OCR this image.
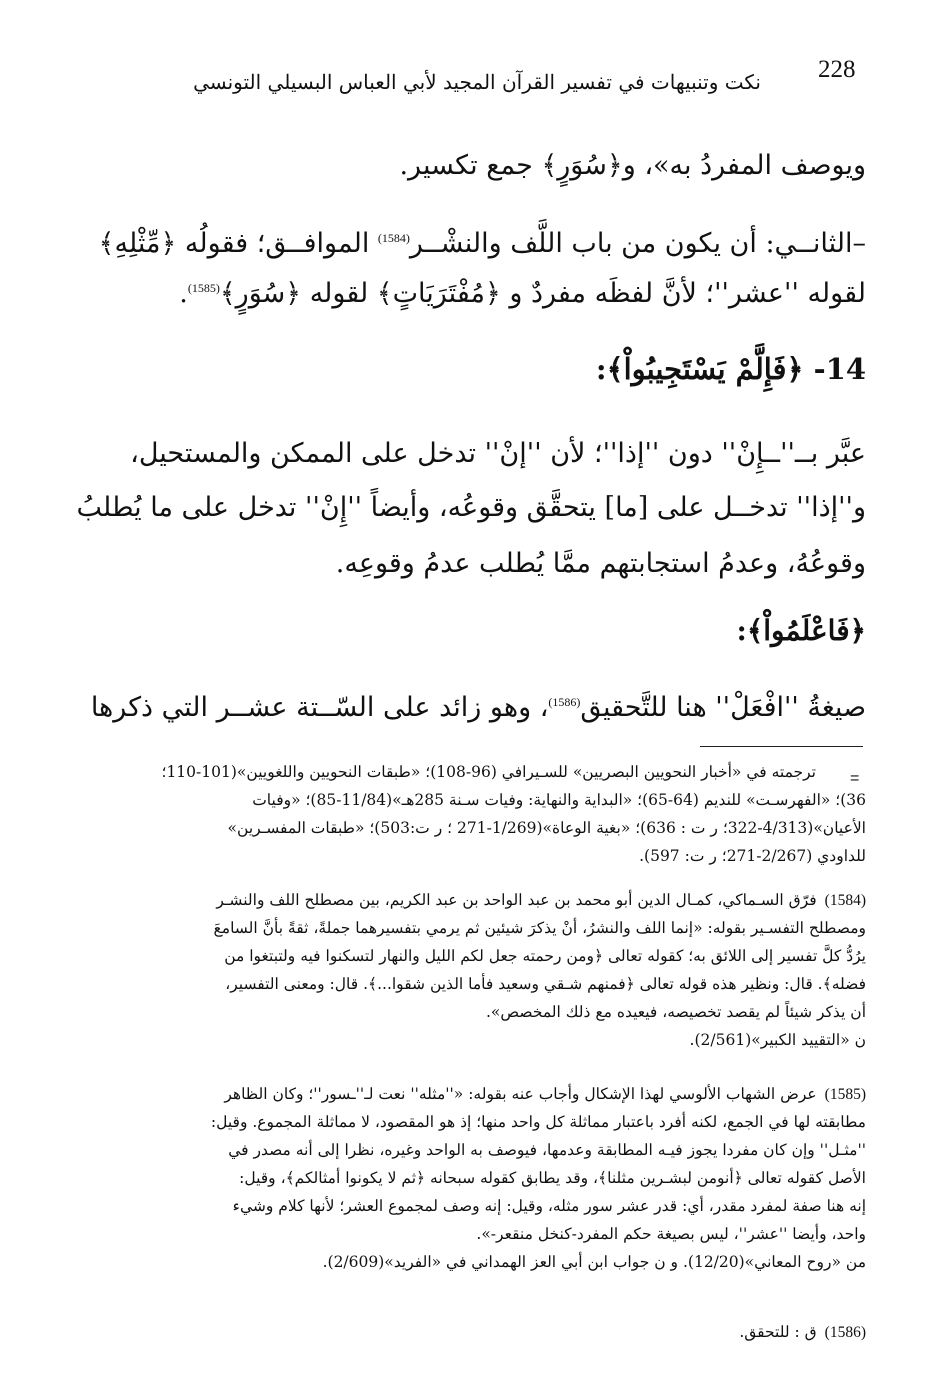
228
نكت وتنبيهات في تفسير القرآن المجيد لأبي العباس البسيلي التونسي
ويوصف المفردُ به»، و﴿سُوَرٍ﴾ جمع تكسير.
–الثانــي: أن يكون من باب اللَّف والنشْــر$^{(1584)}$ الموافــق؛ فقولُه ﴿مِّثْلِهِ﴾
لقوله ''عشر''؛ لأنَّ لفظَه مفردٌ و ﴿مُفْتَرَيَاتٍ﴾ لقوله ﴿سُوَرٍ﴾$^{(1585)}$.
14- ﴿فَإِلَّمْ يَسْتَجِيبُواْ﴾:
عبَّر بــ''ــإِنْ'' دون ''إذا''؛ لأن ''إنْ'' تدخل على الممكن والمستحيل،
و''إذا'' تدخــل على [ما] يتحقَّق وقوعُه، وأيضاً ''إِنْ'' تدخل على ما يُطلبُ
وقوعُهُ، وعدمُ استجابتهم ممَّا يُطلب عدمُ وقوعِه.
﴿فَاعْلَمُواْ﴾:
صيغةُ ''افْعَلْ'' هنا للتَّحقيق$^{(1586)}$، وهو زائد على السّــتة عشــر التي ذكرها
=
ترجمته في «أخبار النحويين البصريين» للسـيرافي (96-108)؛ «طبقات النحويين واللغويين»(101-110؛
36)؛ «الفهرسـت» للنديم (64-65)؛ «البداية والنهاية: وفيات سـنة 285هـ»(11/84-85)؛ «وفيات
الأعيان»(4/313-322؛ ر ت : 636)؛ «بغية الوعاة»(1/269-271 ؛ ر ت:503)؛ «طبقات المفسـرين»
للداودي (2/267-271؛ ر ت: 597).
(1584)فرّق السـماكي، كمـال الدين أبو محمد بن عبد الواحد بن عبد الكريم، بين مصطلح اللف والنشـر
ومصطلح التفسـير بقوله: «إنما اللف والنشرُ، أنْ يذكرَ شيئين ثم يرمي بتفسيرهما جملةً، ثقةً بأنَّ السامعَ
يرُدُّ كلَّ تفسير إلى اللائق به؛ كقوله تعالى ﴿ومن رحمته جعل لكم الليل والنهار لتسكنوا فيه ولتبتغوا من
فضله﴾. قال: ونظير هذه قوله تعالى ﴿فمنهم شـقي وسعيد فأما الذين شقوا...﴾. قال: ومعنى التفسير،
أن يذكر شيئاً لم يقصد تخصيصه، فيعيده مع ذلك المخصص».
ن «التقييد الكبير»(2/561).
(1585)عرض الشهاب الألوسي لهذا الإشكال وأجاب عنه بقوله: «''مثله'' نعت لـ''ـسور''؛ وكان الظاهر
مطابقته لها في الجمع، لكنه أفرد باعتبار مماثلة كل واحد منها؛ إذ هو المقصود، لا مماثلة المجموع. وقيل:
''مثـل'' وإن كان مفردا يجوز فيـه المطابقة وعدمها، فيوصف به الواحد وغيره، نظرا إلى أنه مصدر في
الأصل كقوله تعالى ﴿أنومن لبشـرين مثلنا﴾، وقد يطابق كقوله سبحانه ﴿ثم لا يكونوا أمثالكم﴾، وقيل:
إنه هنا صفة لمفرد مقدر، أي: قدر عشر سور مثله، وقيل: إنه وصف لمجموع العشر؛ لأنها كلام وشيء
واحد، وأيضا ''عشر''، ليس بصيغة حكم المفرد-كنخل منقعر-».
من «روح المعاني»(12/20). و ن جواب ابن أبي العز الهمداني في «الفريد»(2/609).
(1586)ق : للتحقق.
